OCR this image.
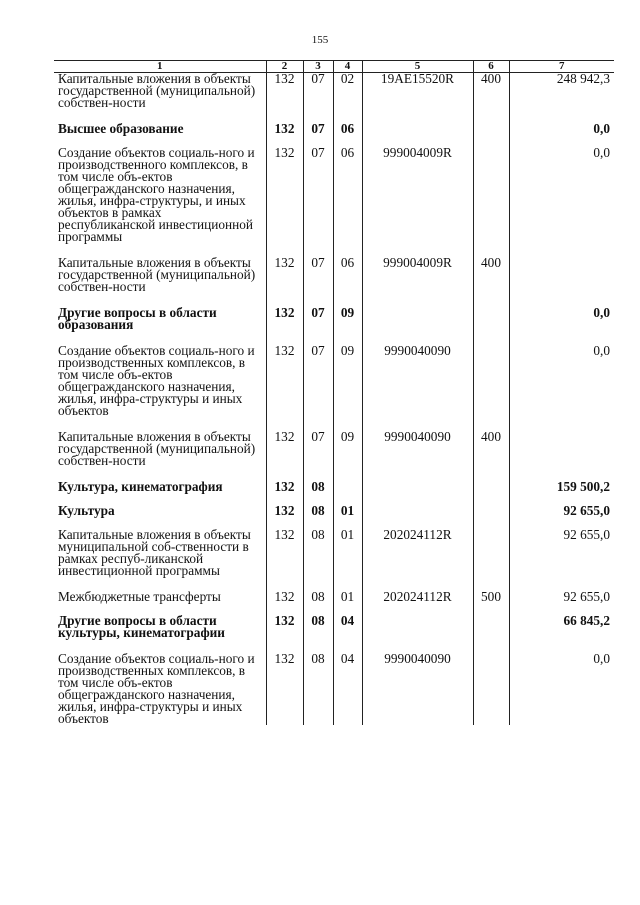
155
1	2	3	4	5	6	7
Капитальные вложения в объекты государственной (муниципальной) собствен-ности	132	07	02	19АЕ15520R	400	248 942,3
Высшее образование	132	07	06			0,0
Создание объектов социаль-ного и производственного комплексов, в том числе объ-ектов общегражданского назначения, жилья, инфра-структуры, и иных объектов в рамках республиканской инвестиционной программы	132	07	06	999004009R		0,0
Капитальные вложения в объекты государственной (муниципальной) собствен-ности	132	07	06	999004009R	400	
Другие вопросы в области образования	132	07	09			0,0
Создание объектов социаль-ного и производственных комплексов, в том числе объ-ектов общегражданского назначения, жилья, инфра-структуры и иных объектов	132	07	09	9990040090		0,0
Капитальные вложения в объекты государственной (муниципальной) собствен-ности	132	07	09	9990040090	400	
Культура, кинематография	132	08				159 500,2
Культура	132	08	01			92 655,0
Капитальные вложения в объекты муниципальной соб-ственности в рамках респуб-ликанской инвестиционной программы	132	08	01	202024112R		92 655,0
Межбюджетные трансферты	132	08	01	202024112R	500	92 655,0
Другие вопросы в области культуры, кинематографии	132	08	04			66 845,2
Создание объектов социаль-ного и производственных комплексов, в том числе объ-ектов общегражданского назначения, жилья, инфра-структуры и иных объектов	132	08	04	9990040090		0,0
